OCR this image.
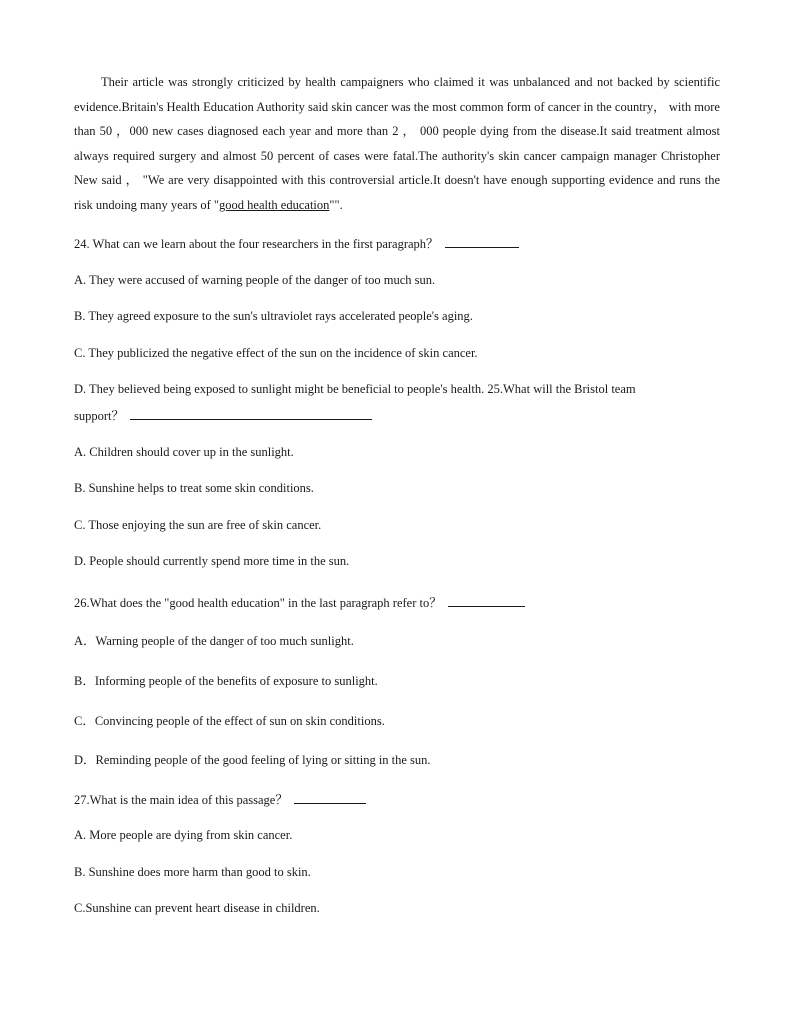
Their article was strongly criticized by health campaigners who claimed it was unbalanced and not backed by scientific evidence.Britain's Health Education Authority said skin cancer was the most common form of cancer in the country， with more than 50 ，000 new cases diagnosed each year and more than 2 ， 000 people dying from the disease.It said treatment almost always required surgery and almost 50 percent of cases were fatal.The authority's skin cancer campaign manager Christopher New said ， "We are very disappointed with this controversial article.It doesn't have enough supporting evidence and runs the risk undoing many years of "good health education"".

24. What can we learn about the four researchers in the first paragraph？

A. They were accused of warning people of the danger of too much sun.

B. They agreed exposure to the sun's ultraviolet rays accelerated people's aging.

C. They publicized the negative effect of the sun on the incidence of skin cancer.

D. They believed being exposed to sunlight might be beneficial to people's health. 25.What will the Bristol team

support？

A. Children should cover up in the sunlight.

B. Sunshine helps to treat some skin conditions.

C. Those enjoying the sun are free of skin cancer.

D. People should currently spend more time in the sun.

26.What does the "good health education" in the last paragraph refer to？

A．Warning people of the danger of too much sunlight.

B．Informing people of the benefits of exposure to sunlight.

C．Convincing people of the effect of sun on skin conditions.

D．Reminding people of the good feeling of lying or sitting in the sun.

27.What is the main idea of this passage？

A. More people are dying from skin cancer.

B. Sunshine does more harm than good to skin.

C.Sunshine can prevent heart disease in children.
